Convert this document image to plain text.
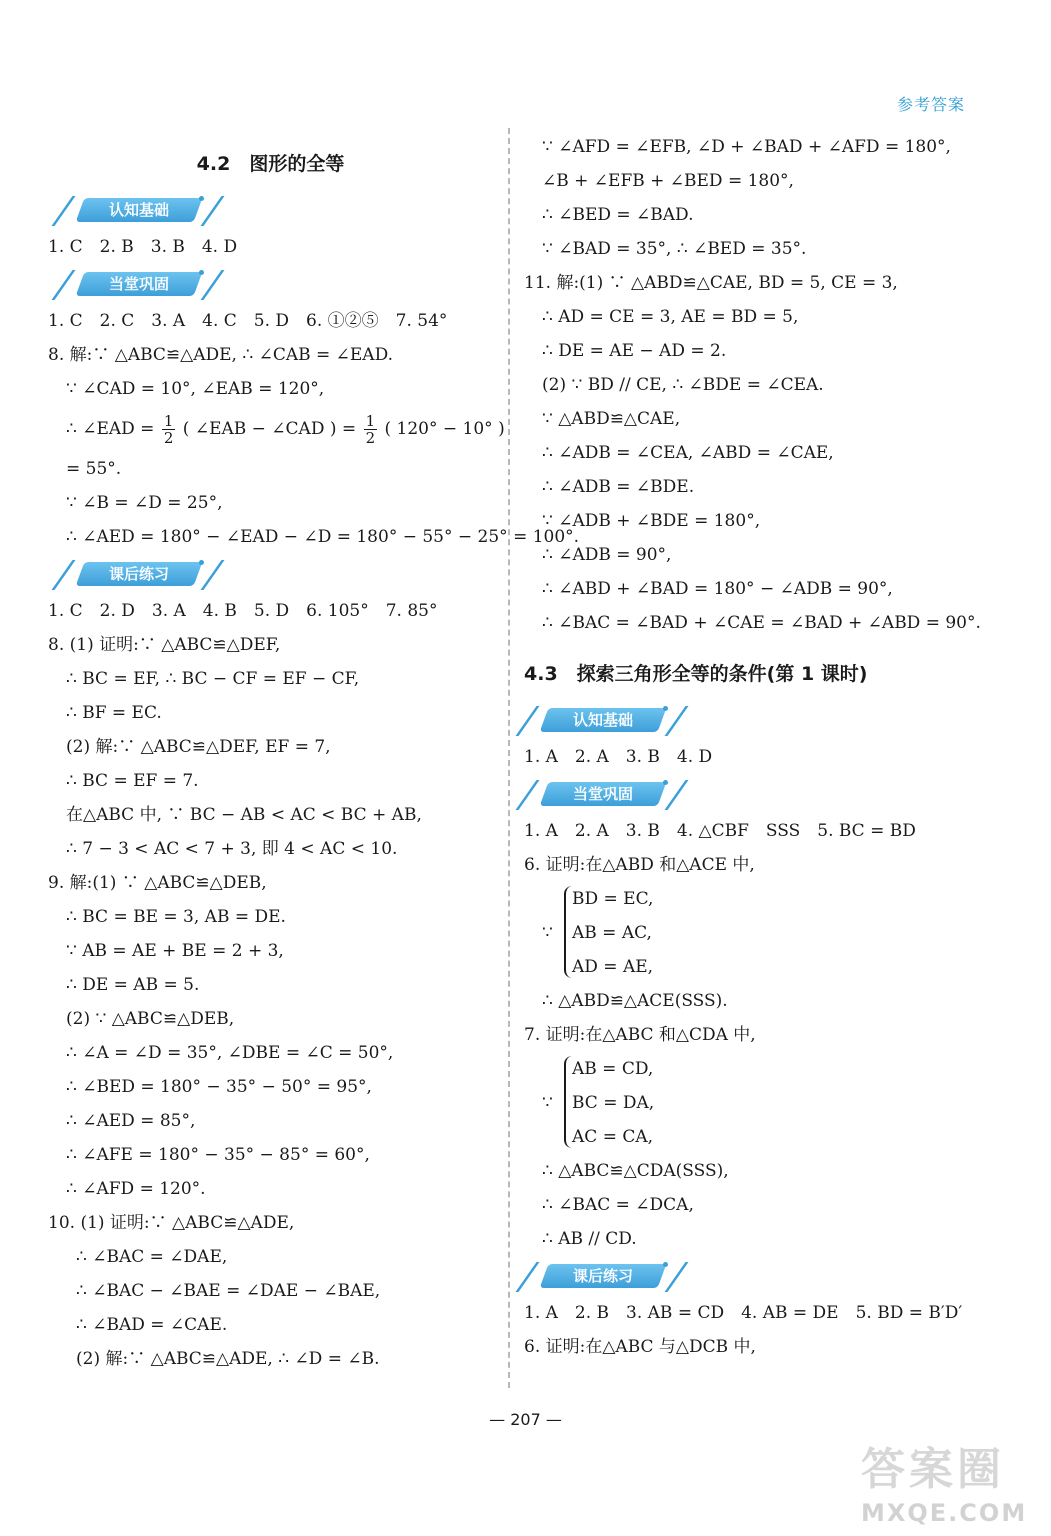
参考答案
4.2　图形的全等
认知基础
1. C　2. B　3. B　4. D
当堂巩固
1. C　2. C　3. A　4. C　5. D　6. ①②⑤　7. 54°
8. 解:∵ △ABC≌△ADE, ∴ ∠CAB = ∠EAD.
∵ ∠CAD = 10°, ∠EAB = 120°,
∴ ∠EAD = $\frac{1}{2}$ ( ∠EAB − ∠CAD ) = $\frac{1}{2}$ ( 120° − 10° )
= 55°.
∵ ∠B = ∠D = 25°,
∴ ∠AED = 180° − ∠EAD − ∠D = 180° − 55° − 25° = 100°.
课后练习
1. C　2. D　3. A　4. B　5. D　6. 105°　7. 85°
8. (1) 证明:∵ △ABC≌△DEF,
∴ BC = EF, ∴ BC − CF = EF − CF,
∴ BF = EC.
(2) 解:∵ △ABC≌△DEF, EF = 7,
∴ BC = EF = 7.
在△ABC 中, ∵ BC − AB < AC < BC + AB,
∴ 7 − 3 < AC < 7 + 3, 即 4 < AC < 10.
9. 解:(1) ∵ △ABC≌△DEB,
∴ BC = BE = 3, AB = DE.
∵ AB = AE + BE = 2 + 3,
∴ DE = AB = 5.
(2) ∵ △ABC≌△DEB,
∴ ∠A = ∠D = 35°, ∠DBE = ∠C = 50°,
∴ ∠BED = 180° − 35° − 50° = 95°,
∴ ∠AED = 85°,
∴ ∠AFE = 180° − 35° − 85° = 60°,
∴ ∠AFD = 120°.
10. (1) 证明:∵ △ABC≌△ADE,
∴ ∠BAC = ∠DAE,
∴ ∠BAC − ∠BAE = ∠DAE − ∠BAE,
∴ ∠BAD = ∠CAE.
(2) 解:∵ △ABC≌△ADE, ∴ ∠D = ∠B.
∵ ∠AFD = ∠EFB, ∠D + ∠BAD + ∠AFD = 180°,
∠B + ∠EFB + ∠BED = 180°,
∴ ∠BED = ∠BAD.
∵ ∠BAD = 35°, ∴ ∠BED = 35°.
11. 解:(1) ∵ △ABD≌△CAE, BD = 5, CE = 3,
∴ AD = CE = 3, AE = BD = 5,
∴ DE = AE − AD = 2.
(2) ∵ BD // CE, ∴ ∠BDE = ∠CEA.
∵ △ABD≌△CAE,
∴ ∠ADB = ∠CEA, ∠ABD = ∠CAE,
∴ ∠ADB = ∠BDE.
∵ ∠ADB + ∠BDE = 180°,
∴ ∠ADB = 90°,
∴ ∠ABD + ∠BAD = 180° − ∠ADB = 90°,
∴ ∠BAC = ∠BAD + ∠CAE = ∠BAD + ∠ABD = 90°.
4.3　探索三角形全等的条件(第 1 课时)
认知基础
1. A　2. A　3. B　4. D
当堂巩固
1. A　2. A　3. B　4. △CBF　SSS　5. BC = BD
6. 证明:在△ABD 和△ACE 中,
∵
BD = EC,
AB = AC,
AD = AE,
∴ △ABD≌△ACE(SSS).
7. 证明:在△ABC 和△CDA 中,
∵
AB = CD,
BC = DA,
AC = CA,
∴ △ABC≌△CDA(SSS),
∴ ∠BAC = ∠DCA,
∴ AB // CD.
课后练习
1. A　2. B　3. AB = CD　4. AB = DE　5. BD = B′D′
6. 证明:在△ABC 与△DCB 中,
— 207 —
答案圈
MXQE.COM
